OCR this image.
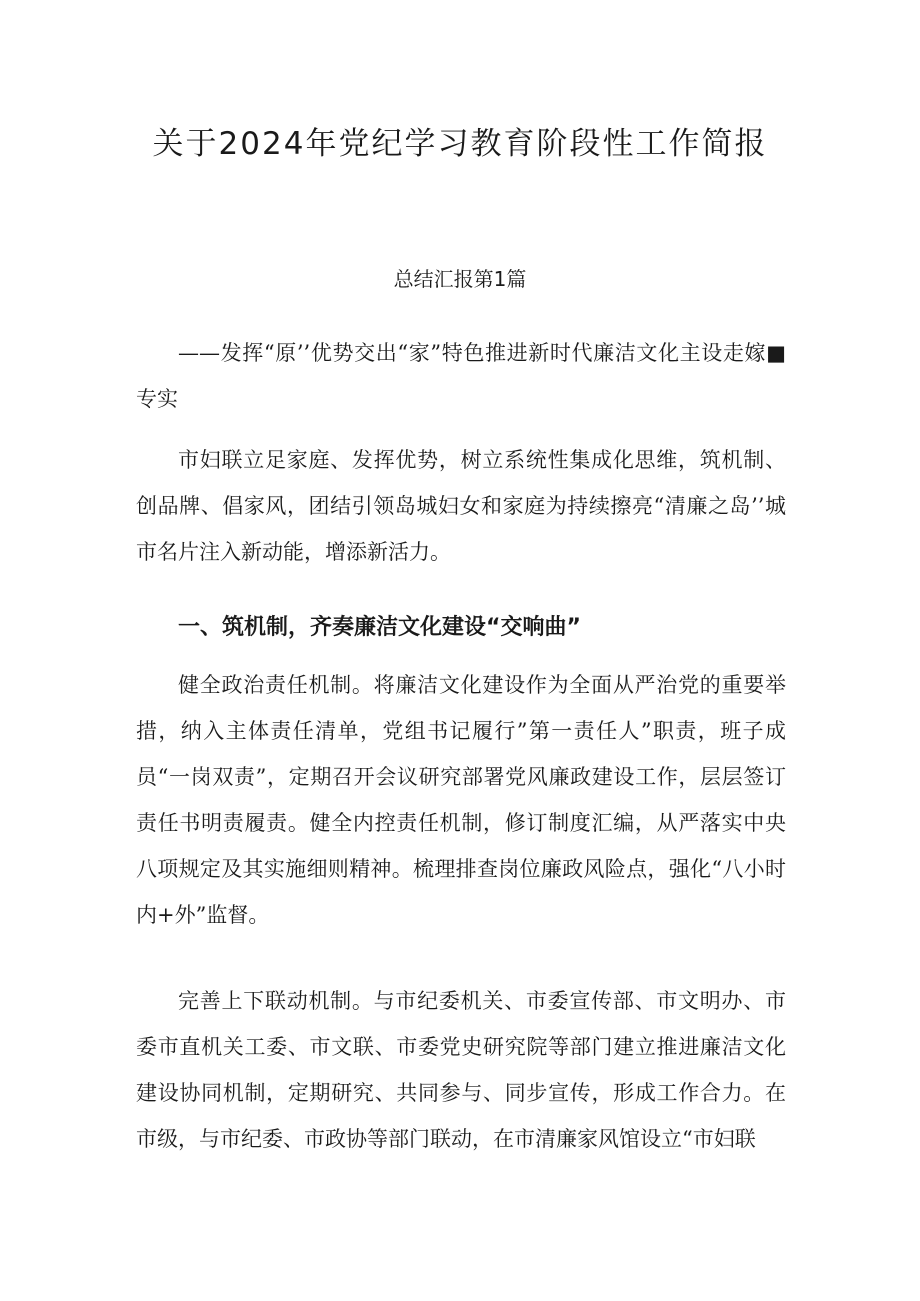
关于2024年党纪学习教育阶段性工作简报

总结汇报第1篇

——发挥“原’’优势交出“家”特色推进新时代廉洁文化主设走嫁■专实

市妇联立足家庭、发挥优势，树立系统性集成化思维，筑机制、创品牌、倡家风，团结引领岛城妇女和家庭为持续擦亮“清廉之岛’’城市名片注入新动能，增添新活力。

一、筑机制，齐奏廉洁文化建设“交响曲”

健全政治责任机制。将廉洁文化建设作为全面从严治党的重要举措，纳入主体责任清单，党组书记履行”第一责任人”职责，班子成员“一岗双责”，定期召开会议研究部署党风廉政建设工作，层层签订责任书明责履责。健全内控责任机制，修订制度汇编，从严落实中央八项规定及其实施细则精神。梳理排查岗位廉政风险点，强化“八小时内+外”监督。

完善上下联动机制。与市纪委机关、市委宣传部、市文明办、市委市直机关工委、市文联、市委党史研究院等部门建立推进廉洁文化建设协同机制，定期研究、共同参与、同步宣传，形成工作合力。在市级，与市纪委、市政协等部门联动，在市清廉家风馆设立“市妇联
